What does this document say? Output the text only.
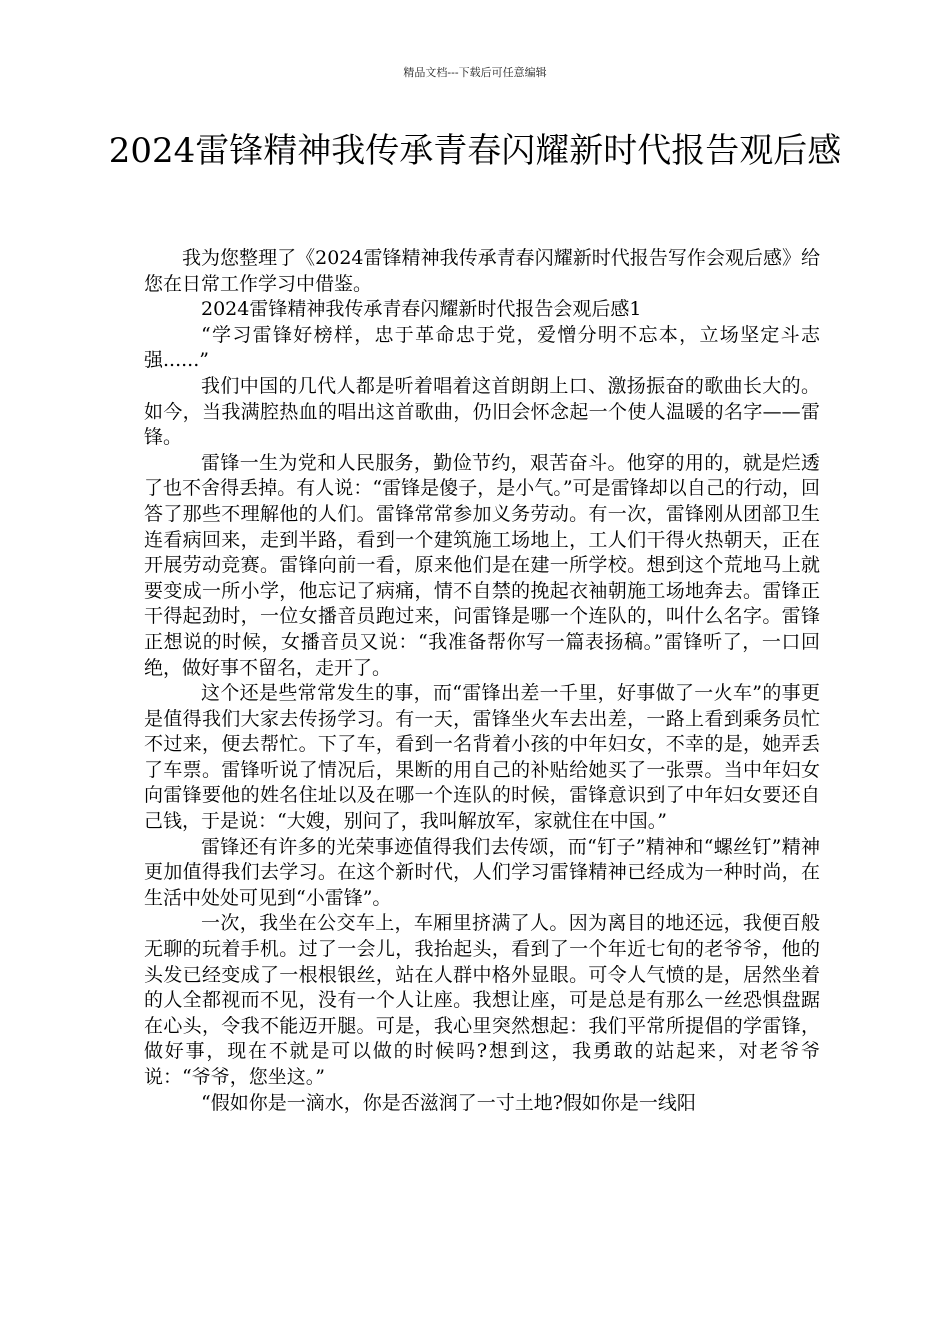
精品文档---下载后可任意编辑
2024雷锋精神我传承青春闪耀新时代报告观后感

我为您整理了《2024雷锋精神我传承青春闪耀新时代报告写作会观后感》给您在日常工作学习中借鉴。

2024雷锋精神我传承青春闪耀新时代报告会观后感1

“学习雷锋好榜样，忠于革命忠于党，爱憎分明不忘本，立场坚定斗志强......”

我们中国的几代人都是听着唱着这首朗朗上口、激扬振奋的歌曲长大的。如今，当我满腔热血的唱出这首歌曲，仍旧会怀念起一个使人温暖的名字——雷锋。

雷锋一生为党和人民服务，勤俭节约，艰苦奋斗。他穿的用的，就是烂透了也不舍得丢掉。有人说：“雷锋是傻子，是小气。”可是雷锋却以自己的行动，回答了那些不理解他的人们。雷锋常常参加义务劳动。有一次，雷锋刚从团部卫生连看病回来，走到半路，看到一个建筑施工场地上，工人们干得火热朝天，正在开展劳动竞赛。雷锋向前一看，原来他们是在建一所学校。想到这个荒地马上就要变成一所小学，他忘记了病痛，情不自禁的挽起衣袖朝施工场地奔去。雷锋正干得起劲时，一位女播音员跑过来，问雷锋是哪一个连队的，叫什么名字。雷锋正想说的时候，女播音员又说：“我准备帮你写一篇表扬稿。”雷锋听了，一口回绝，做好事不留名，走开了。

这个还是些常常发生的事，而“雷锋出差一千里，好事做了一火车”的事更是值得我们大家去传扬学习。有一天，雷锋坐火车去出差，一路上看到乘务员忙不过来，便去帮忙。下了车，看到一名背着小孩的中年妇女，不幸的是，她弄丢了车票。雷锋听说了情况后，果断的用自己的补贴给她买了一张票。当中年妇女向雷锋要他的姓名住址以及在哪一个连队的时候，雷锋意识到了中年妇女要还自己钱，于是说：“大嫂，别问了，我叫解放军，家就住在中国。”

雷锋还有许多的光荣事迹值得我们去传颂，而“钉子”精神和“螺丝钉”精神更加值得我们去学习。在这个新时代，人们学习雷锋精神已经成为一种时尚，在生活中处处可见到“小雷锋”。

一次，我坐在公交车上，车厢里挤满了人。因为离目的地还远，我便百般无聊的玩着手机。过了一会儿，我抬起头，看到了一个年近七旬的老爷爷，他的头发已经变成了一根根银丝，站在人群中格外显眼。可令人气愤的是，居然坐着的人全都视而不见，没有一个人让座。我想让座，可是总是有那么一丝恐惧盘踞在心头，令我不能迈开腿。可是，我心里突然想起：我们平常所提倡的学雷锋，做好事，现在不就是可以做的时候吗?想到这，我勇敢的站起来，对老爷爷说：“爷爷，您坐这。”

“假如你是一滴水，你是否滋润了一寸土地?假如你是一线阳
